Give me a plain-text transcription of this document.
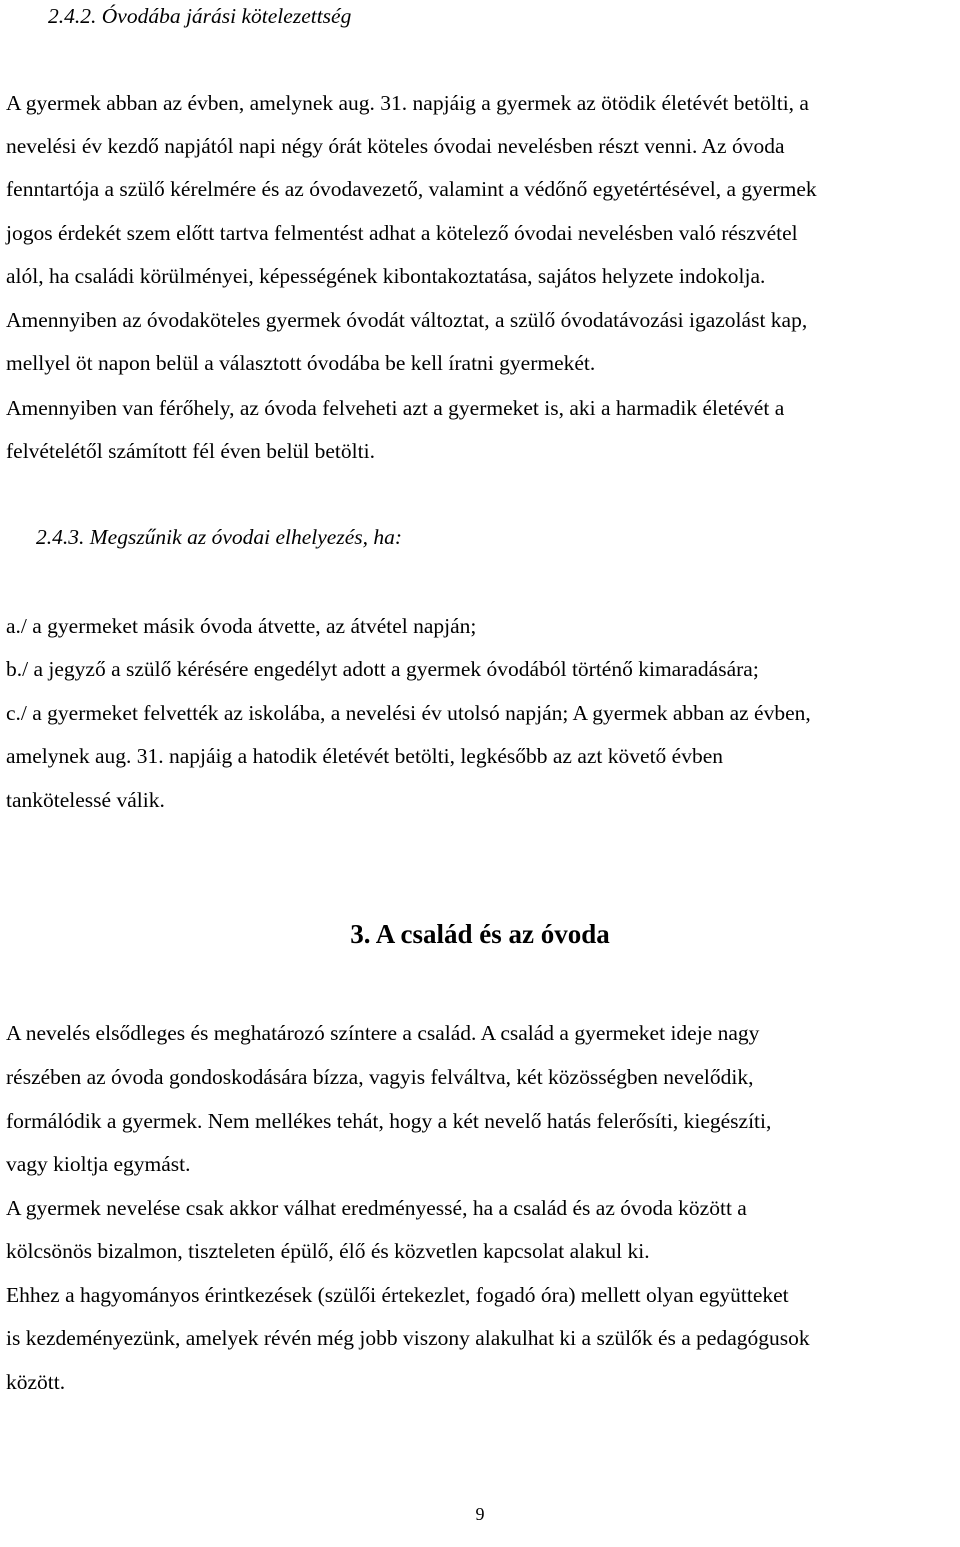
2.4.2. Óvodába járási kötelezettség

A gyermek abban az évben, amelynek aug. 31. napjáig a gyermek az ötödik életévét betölti, a

nevelési év kezdő napjától napi négy órát köteles óvodai nevelésben részt venni. Az óvoda

fenntartója a szülő kérelmére és az óvodavezető, valamint a védőnő egyetértésével, a gyermek

jogos érdekét szem előtt tartva felmentést adhat a kötelező óvodai nevelésben való részvétel

alól, ha családi körülményei, képességének kibontakoztatása, sajátos helyzete indokolja.

Amennyiben az óvodaköteles gyermek óvodát változtat, a szülő óvodatávozási igazolást kap,

mellyel öt napon belül a választott óvodába be kell íratni gyermekét.

Amennyiben van férőhely, az óvoda felveheti azt a gyermeket is, aki a harmadik életévét a

felvételétől számított fél éven belül betölti.

2.4.3. Megszűnik az óvodai elhelyezés, ha:

a./ a gyermeket másik óvoda átvette, az átvétel napján;

b./ a jegyző a szülő kérésére engedélyt adott a gyermek óvodából történő kimaradására;

c./ a gyermeket felvették az iskolába, a nevelési év utolsó napján; A gyermek abban az évben,

amelynek aug. 31. napjáig a hatodik életévét betölti, legkésőbb az azt követő évben

tankötelessé válik.

3. A család és az óvoda

A nevelés elsődleges és meghatározó színtere a család. A család a gyermeket ideje nagy

részében az óvoda gondoskodására bízza, vagyis felváltva, két közösségben nevelődik,

formálódik a gyermek. Nem mellékes tehát, hogy a két nevelő hatás felerősíti, kiegészíti,

vagy kioltja egymást.

A gyermek nevelése csak akkor válhat eredményessé, ha a család és az óvoda között a

kölcsönös bizalmon, tiszteleten épülő, élő és közvetlen kapcsolat alakul ki.

Ehhez a hagyományos érintkezések (szülői értekezlet, fogadó óra) mellett olyan együtteket

is kezdeményezünk, amelyek révén még jobb viszony alakulhat ki a szülők és a pedagógusok

között.

9
